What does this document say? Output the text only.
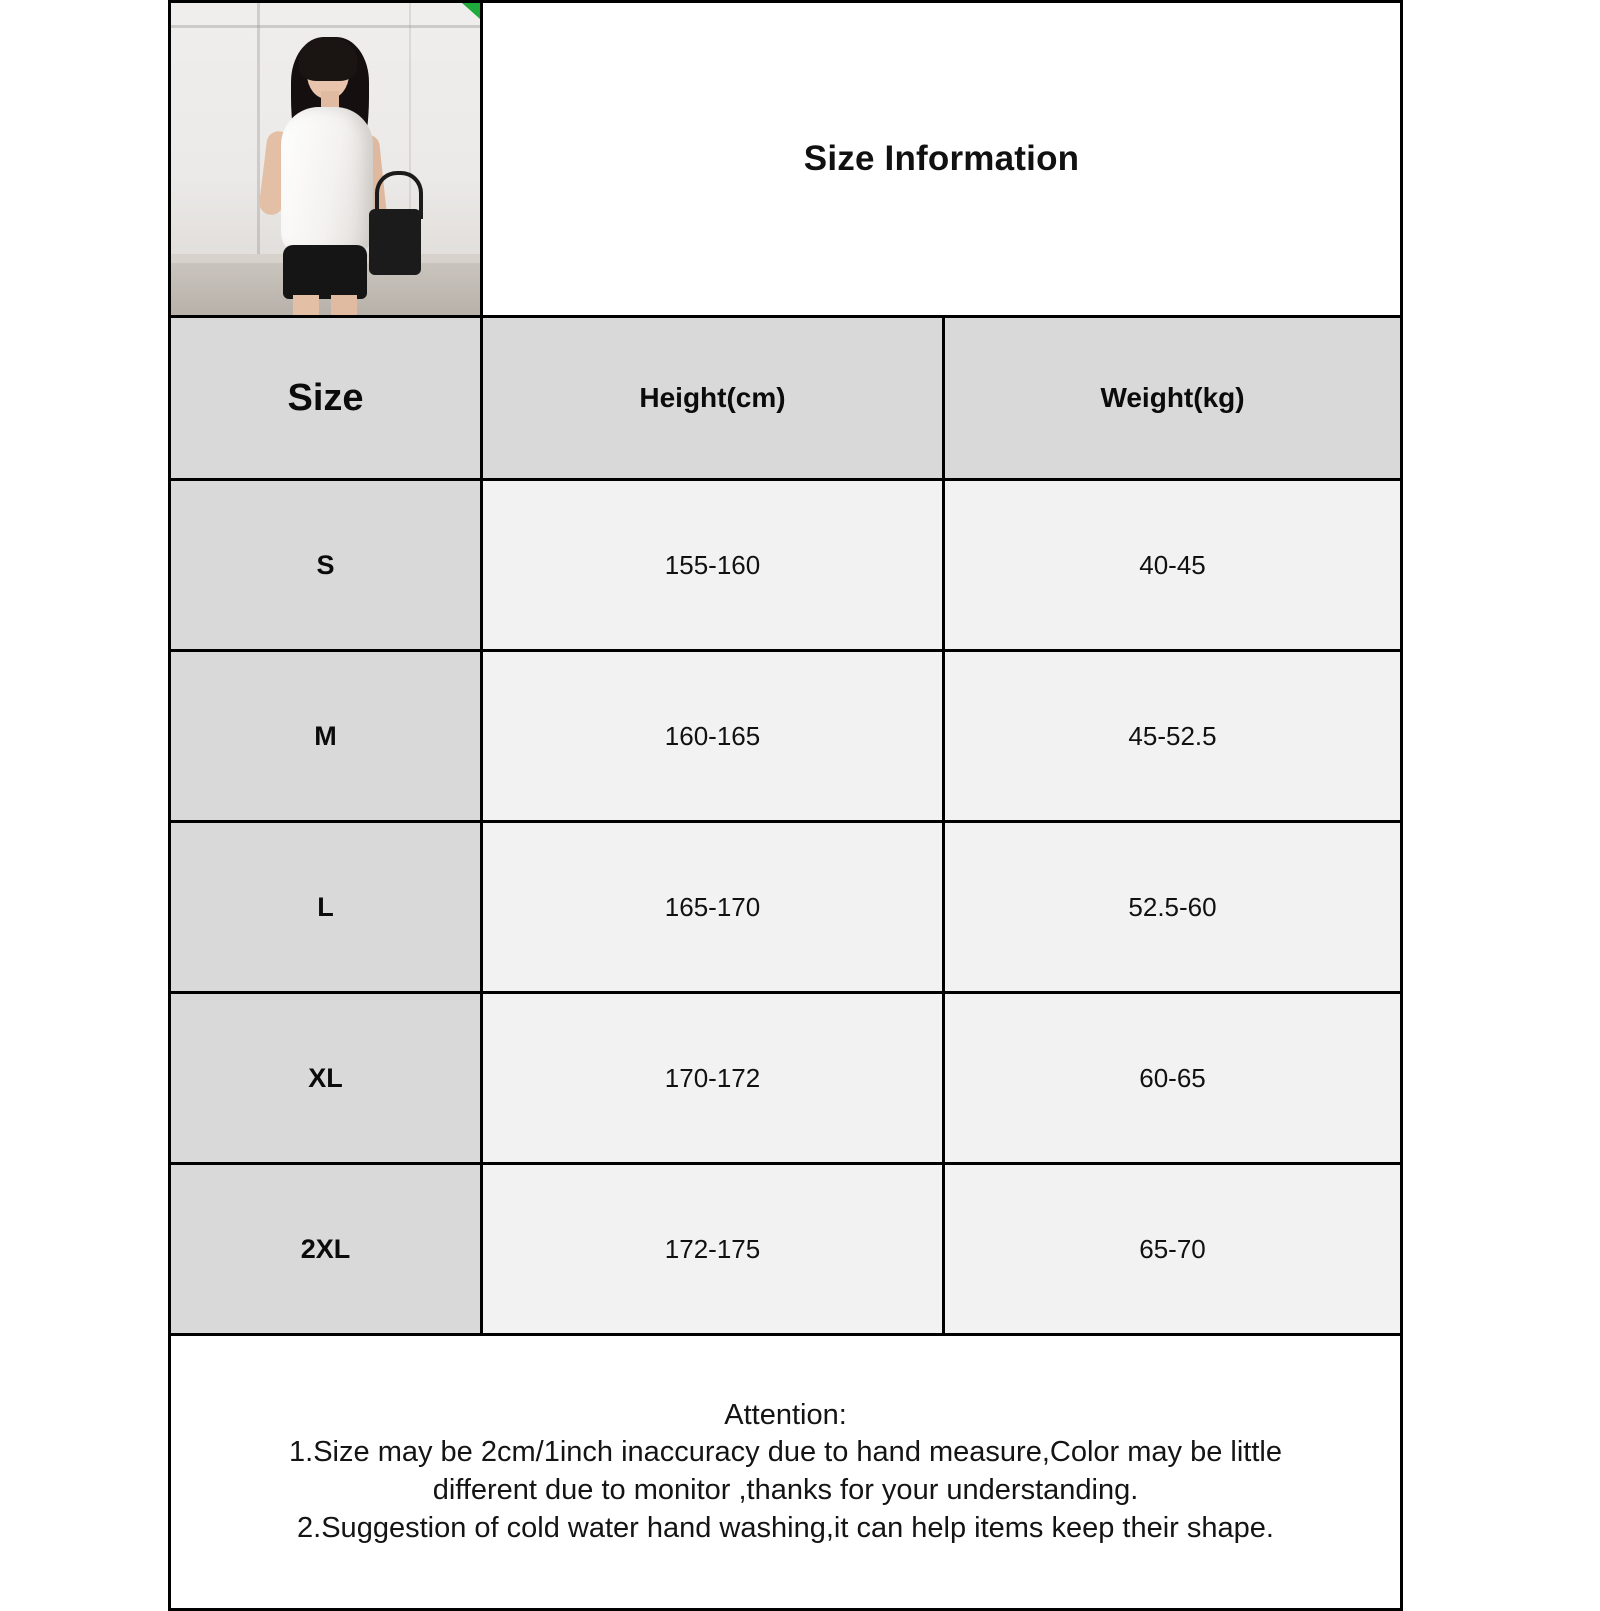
	Size Information	

Size	Height(cm)	Weight(kg)

S	155-160	40-45

M	160-165	45-52.5

L	165-170	52.5-60

XL	170-172	60-65

2XL	172-175	65-70

Attention:
1.Size may be 2cm/1inch inaccuracy due to hand measure,Color may be little
different due to monitor ,thanks for your understanding.
2.Suggestion of cold water hand washing,it can help items keep their shape.		
